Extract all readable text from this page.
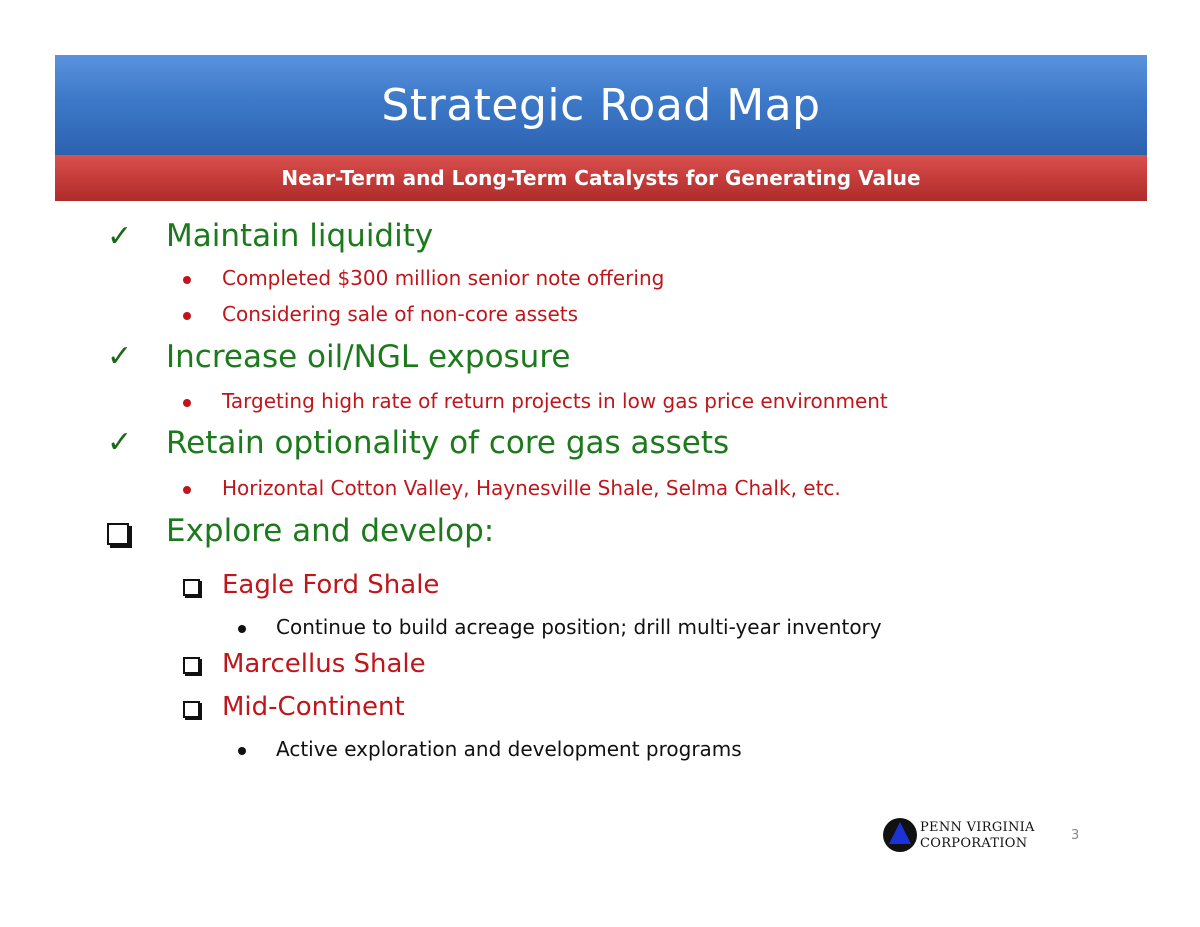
Strategic Road Map
Near-Term and Long-Term Catalysts for Generating Value
✓ Maintain liquidity
Completed $300 million senior note offering
Considering sale of non-core assets
✓ Increase oil/NGL exposure
Targeting high rate of return projects in low gas price environment
✓ Retain optionality of core gas assets
Horizontal Cotton Valley, Haynesville Shale, Selma Chalk, etc.
Explore and develop:
Eagle Ford Shale
Continue to build acreage position; drill multi-year inventory
Marcellus Shale
Mid-Continent
Active exploration and development programs
PENN VIRGINIA
CORPORATION
3
